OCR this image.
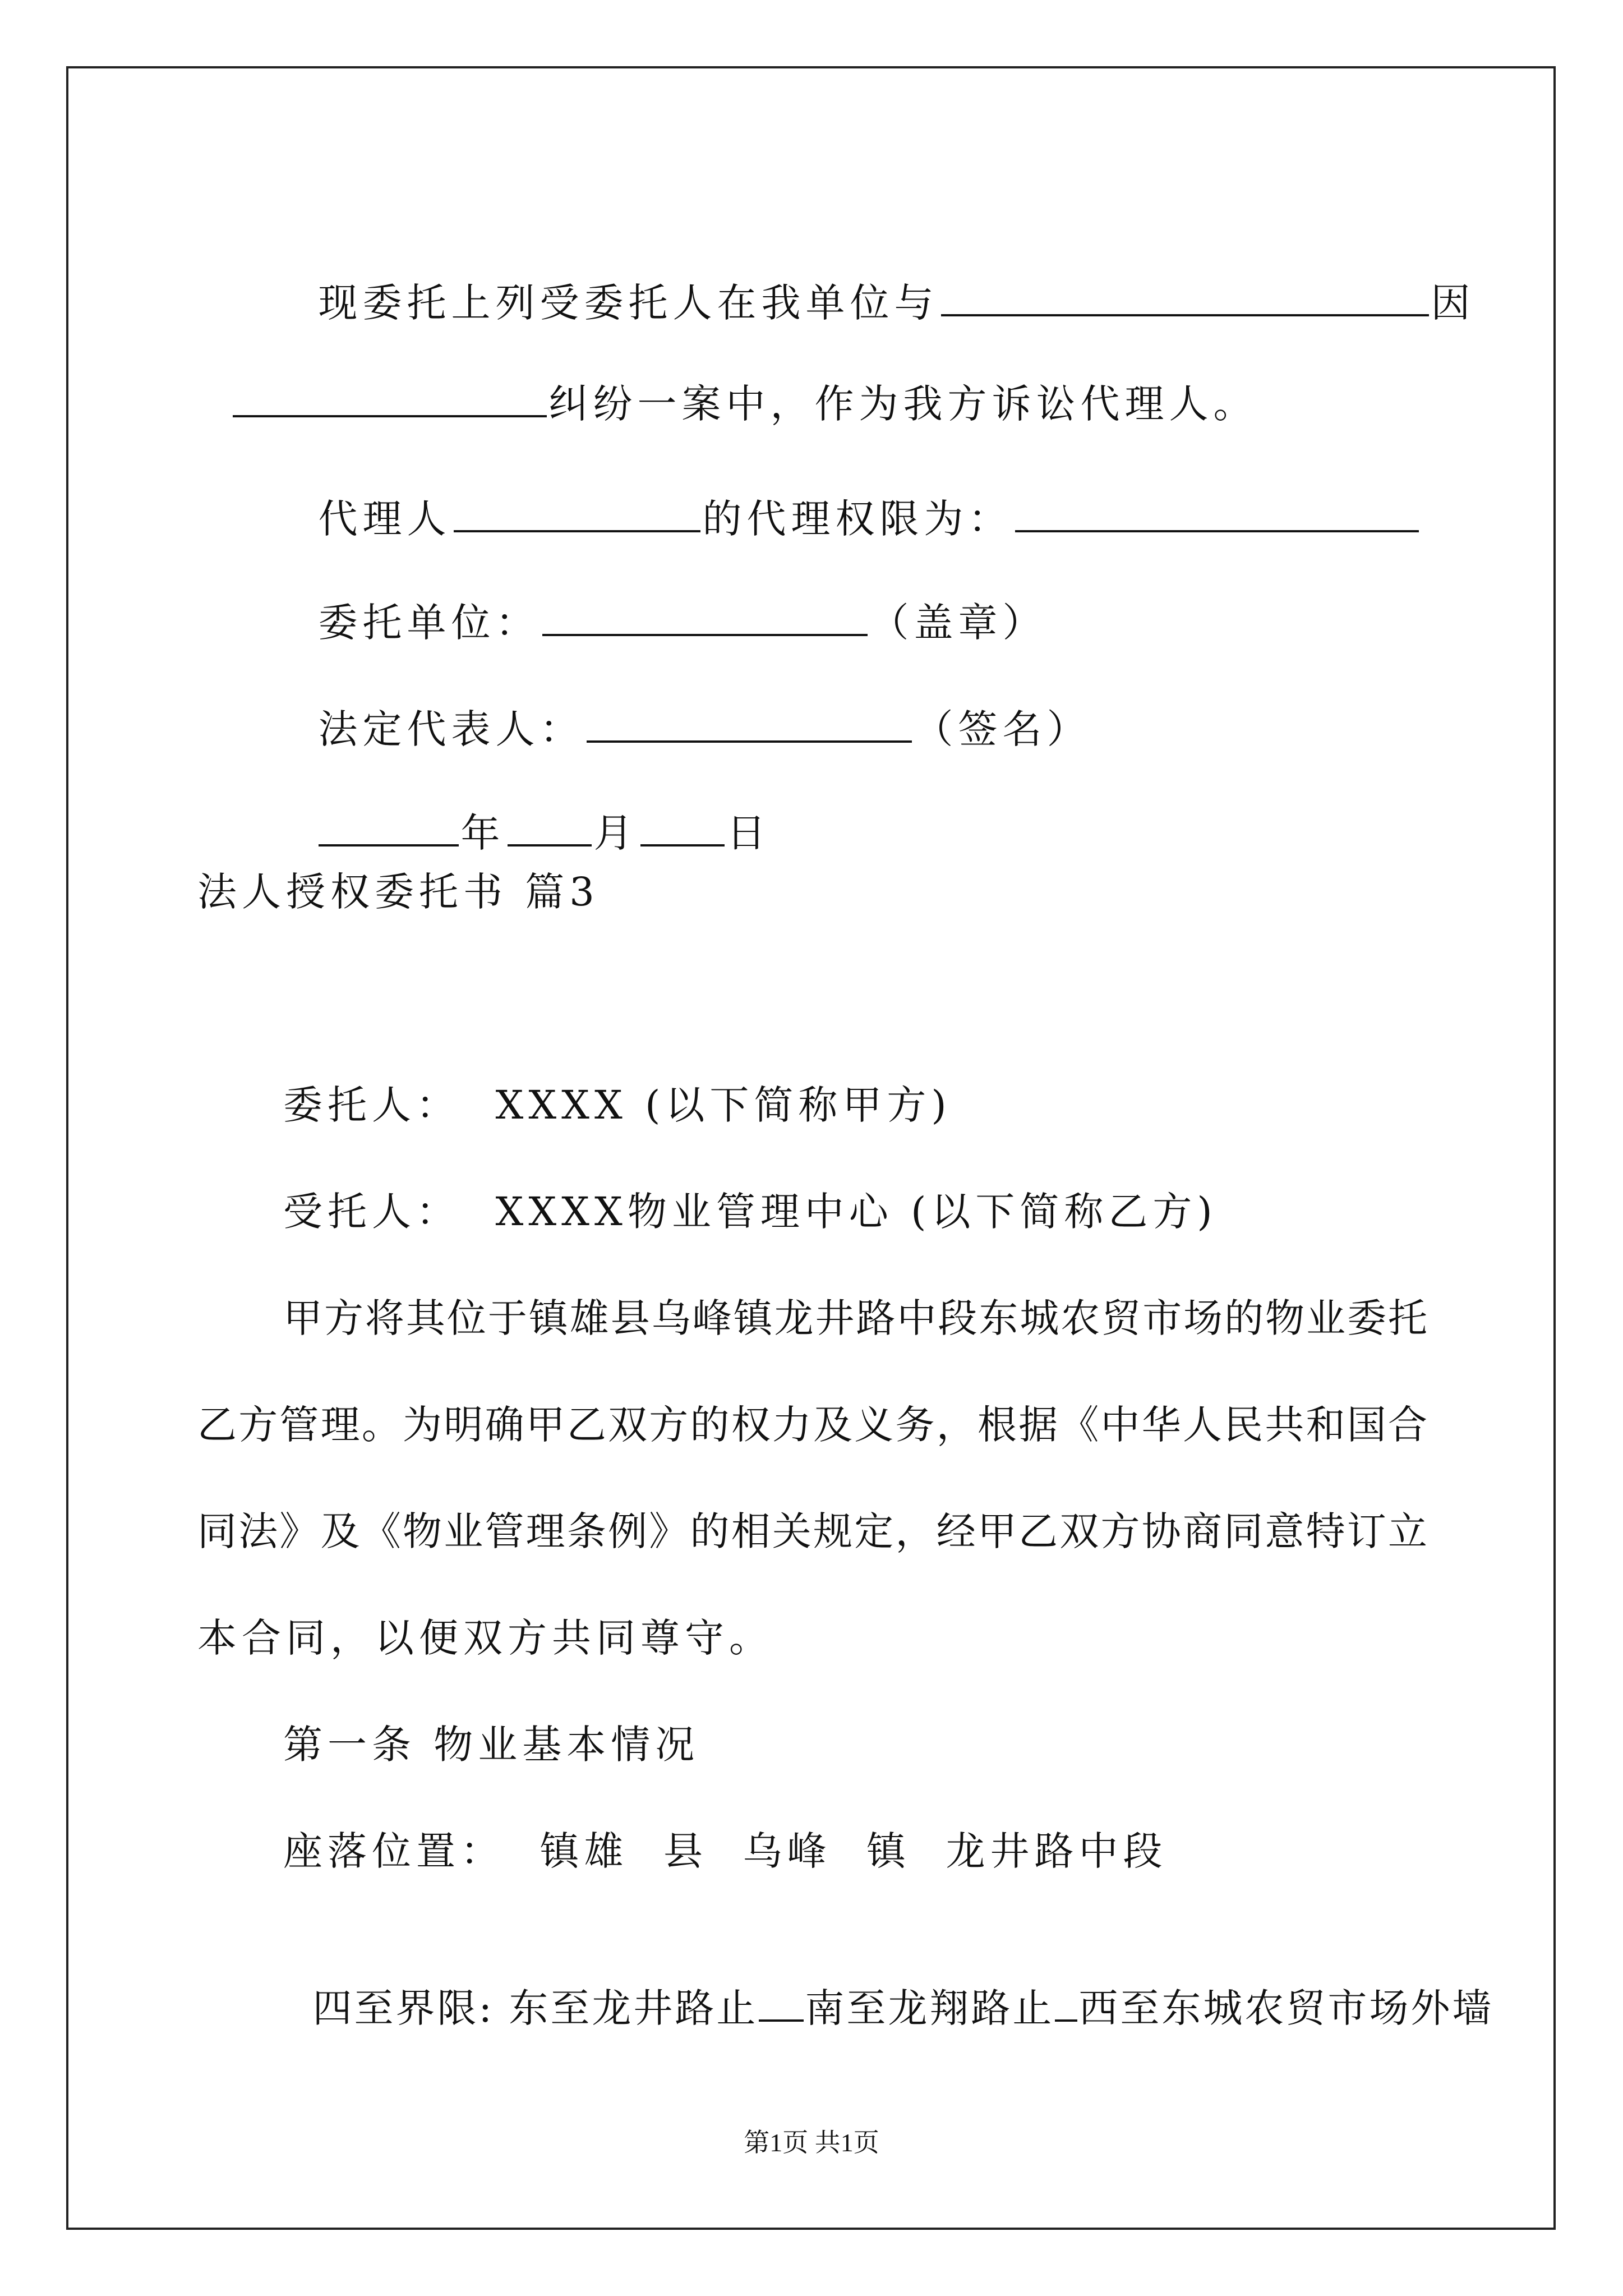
现委托上列受委托人在我单位与	因

纠纷一案中，作为我方诉讼代理人。

代理人	的代理权限为：

委托单位：	（盖章）

法定代表人：	（签名）

年 月 日

法人授权委托书 篇3
委托人：  XXXX (以下简称甲方)
受托人：  XXXX物业管理中心 (以下简称乙方)
甲方将其位于镇雄县乌峰镇龙井路中段东城农贸市场的物业委托
乙方管理。为明确甲乙双方的权力及义务，根据《中华人民共和国合
同法》及《物业管理条例》的相关规定，经甲乙双方协商同意特订立
本合同，以便双方共同尊守。
第一条 物业基本情况
座落位置：  镇雄  县  乌峰  镇  龙井路中段

四至界限: 东至龙井路止 南至龙翔路止 西至东城农贸市场外墙

第1页 共1页
